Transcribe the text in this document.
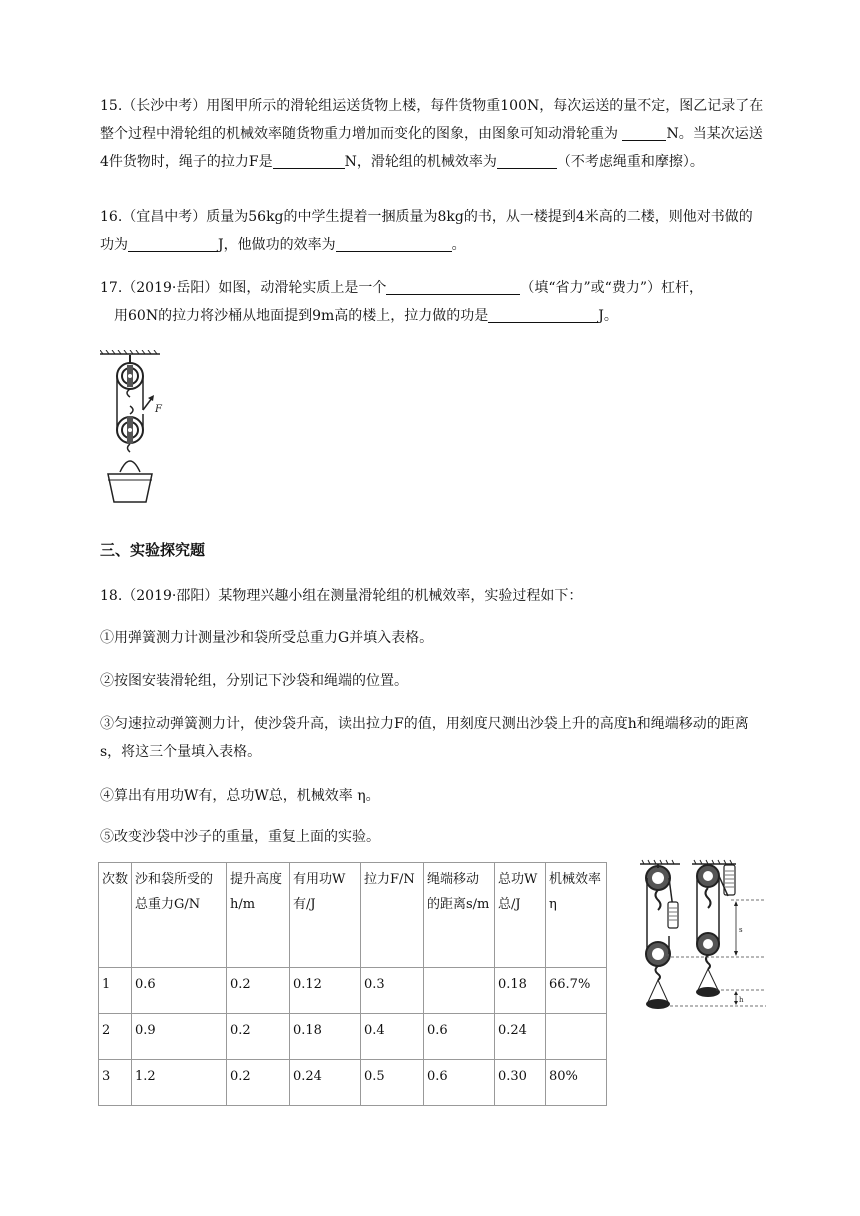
15.（长沙中考）用图甲所示的滑轮组运送货物上楼，每件货物重100N，每次运送的量不定，图乙记录了在整个过程中滑轮组的机械效率随货物重力增加而变化的图象，由图象可知动滑轮重为	N。当某次运送4件货物时，绳子的拉力F是	N，滑轮组的机械效率为	（不考虑绳重和摩擦）。
16.（宜昌中考）质量为56kg的中学生提着一捆质量为8kg的书，从一楼提到4米高的二楼，则他对书做的功为	J，他做功的效率为	。
17.（2019·岳阳）如图，动滑轮实质上是一个	（填“省力”或“费力”）杠杆，
用60N的拉力将沙桶从地面提到9m高的楼上，拉力做的功是	J。
F
三、实验探究题
18.（2019·邵阳）某物理兴趣小组在测量滑轮组的机械效率，实验过程如下：
①用弹簧测力计测量沙和袋所受总重力G并填入表格。
②按图安装滑轮组，分别记下沙袋和绳端的位置。
③匀速拉动弹簧测力计，使沙袋升高，读出拉力F的值，用刻度尺测出沙袋上升的高度h和绳端移动的距离s，将这三个量填入表格。
④算出有用功W有，总功W总，机械效率 η。
⑤改变沙袋中沙子的重量，重复上面的实验。
次数	沙和袋所受的总重力G/N	提升高度h/m	有用功W有/J	拉力F/N	绳端移动的距离s/m	总功W总/J	机械效率η
1	0.6	0.2	0.12	0.3		0.18	66.7%
2	0.9	0.2	0.18	0.4	0.6	0.24	
3	1.2	0.2	0.24	0.5	0.6	0.30	80%
s
h
